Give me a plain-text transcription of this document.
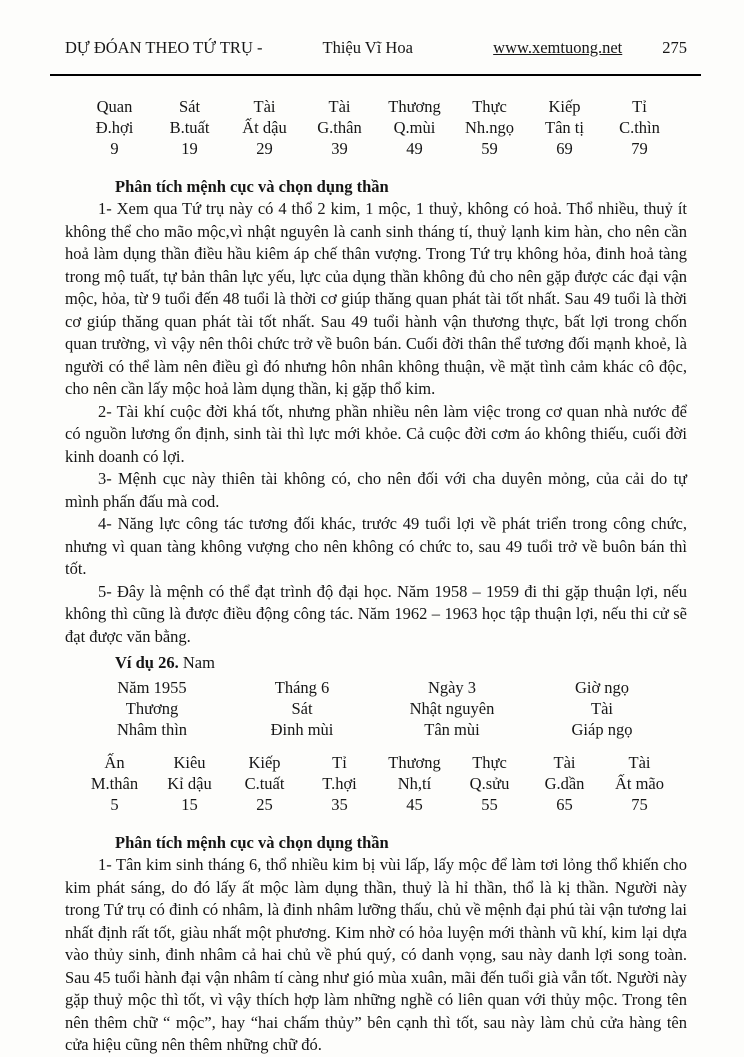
DỰ ĐÓAN THEO TỨ TRỤ -	Thiệu Vĩ Hoa	www.xemtuong.net 275
Quan	Sát	Tài	Tài	Thương	Thực	Kiếp	Tỉ
Đ.hợi	B.tuất	Ất dậu	G.thân	Q.mùi	Nh.ngọ	Tân tị	C.thìn
9	19	29	39	49	59	69	79
Phân tích mệnh cục và chọn dụng thần

1- Xem qua Tứ trụ này có 4 thổ 2 kim, 1 mộc, 1 thuỷ, không có hoả. Thổ nhiều, thuỷ ít không thể cho mão mộc,vì nhật nguyên là canh sinh tháng tí, thuỷ lạnh kim hàn, cho nên cần hoả làm dụng thần điều hầu kiêm áp chế thân vượng. Trong Tứ trụ không hỏa, đinh hoả tàng trong mộ tuất, tự bản thân lực yếu, lực của dụng thần không đủ cho nên gặp được các đại vận mộc, hỏa, từ 9 tuổi đến 48 tuổi là thời cơ giúp thăng quan phát tài tốt nhất. Sau 49 tuổi là thời cơ giúp thăng quan phát tài tốt nhất. Sau 49 tuổi hành vận thương thực, bất lợi trong chốn quan trường, vì vậy nên thôi chức trở về buôn bán. Cuối đời thân thể tương đối mạnh khoẻ, là người có thể làm nên điều gì đó nhưng hôn nhân không thuận, về mặt tình cảm khác cô độc, cho nên cần lấy mộc hoả làm dụng thần, kị gặp thổ kim.

2- Tài khí cuộc đời khá tốt, nhưng phần nhiều nên làm việc trong cơ quan nhà nước để có nguồn lương ổn định, sinh tài thì lực mới khỏe. Cả cuộc đời cơm áo không thiếu, cuối đời kinh doanh có lợi.

3- Mệnh cục này thiên tài không có, cho nên đối với cha duyên mỏng, của cải do tự mình phấn đấu mà cod.

4- Năng lực công tác tương đối khác, trước 49 tuổi lợi về phát triển trong công chức, nhưng vì quan tàng không vượng cho nên không có chức to, sau 49 tuổi trở về buôn bán thì tốt.

5- Đây là mệnh có thể đạt trình độ đại học. Năm 1958 – 1959 đi thi gặp thuận lợi, nếu không thì cũng là được điều động công tác. Năm 1962 – 1963 học tập thuận lợi, nếu thi cử sẽ đạt được văn bằng.

Ví dụ 26. Nam
Năm 1955	Tháng 6	Ngày 3	Giờ ngọ
Thương	Sát	Nhật nguyên	Tài
Nhâm thìn	Đinh mùi	Tân mùi	Giáp ngọ
Ấn	Kiêu	Kiếp	Tỉ	Thương	Thực	Tài	Tài
M.thân	Kỉ dậu	C.tuất	T.hợi	Nh,tí	Q.sửu	G.dần	Ất mão
5	15	25	35	45	55	65	75
Phân tích mệnh cục và chọn dụng thần

1- Tân kim sinh tháng 6, thổ nhiều kim bị vùi lấp, lấy mộc để làm tơi lỏng thổ khiến cho kim phát sáng, do đó lấy ất mộc làm dụng thần, thuỷ là hỉ thần, thổ là kị thần. Người này trong Tứ trụ có đinh có nhâm, là đinh nhâm lưỡng thấu, chủ về mệnh đại phú tài vận tương lai nhất định rất tốt, giàu nhất một phương. Kim nhờ có hỏa luyện mới thành vũ khí, kim lại dựa vào thủy sinh, đinh nhâm cả hai chủ về phú quý, có danh vọng, sau này danh lợi song toàn. Sau 45 tuổi hành đại vận nhâm tí càng như gió mùa xuân, mãi đến tuổi già vẫn tốt. Người này gặp thuỷ mộc thì tốt, vì vậy thích hợp làm những nghề có liên quan với thủy mộc. Trong tên nên thêm chữ “ mộc”, hay “hai chấm thủy” bên cạnh thì tốt, sau này làm chủ cửa hàng tên cửa hiệu cũng nên thêm những chữ đó.
